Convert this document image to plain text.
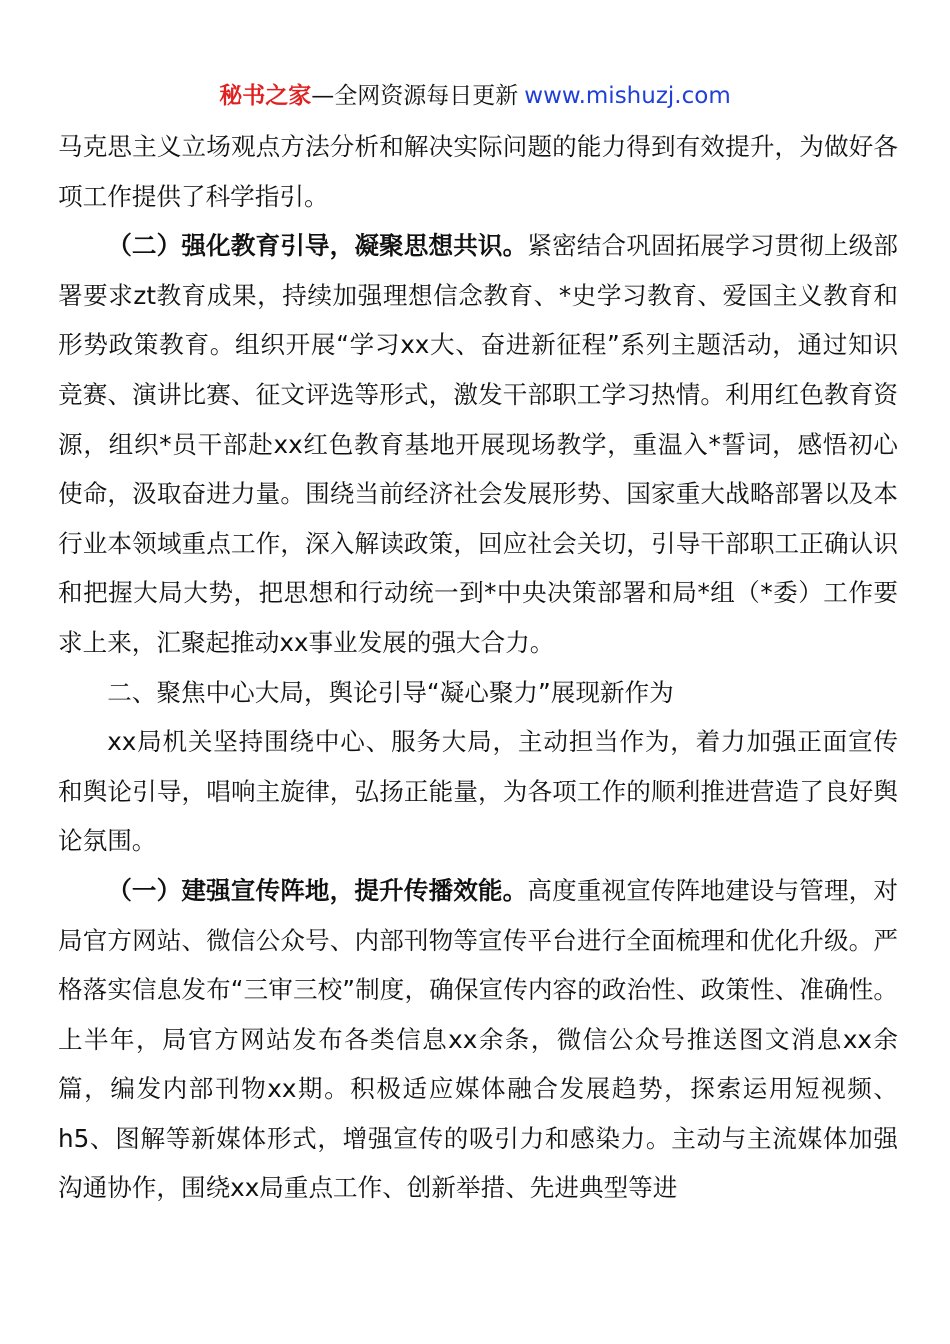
秘书之家—全网资源每日更新 www.mishuzj.com

马克思主义立场观点方法分析和解决实际问题的能力得到有效提升，为做好各项工作提供了科学指引。

（二）强化教育引导，凝聚思想共识。紧密结合巩固拓展学习贯彻上级部署要求zt教育成果，持续加强理想信念教育、*史学习教育、爱国主义教育和形势政策教育。组织开展“学习xx大、奋进新征程”系列主题活动，通过知识竞赛、演讲比赛、征文评选等形式，激发干部职工学习热情。利用红色教育资源，组织*员干部赴xx红色教育基地开展现场教学，重温入*誓词，感悟初心使命，汲取奋进力量。围绕当前经济社会发展形势、国家重大战略部署以及本行业本领域重点工作，深入解读政策，回应社会关切，引导干部职工正确认识和把握大局大势，把思想和行动统一到*中央决策部署和局*组（*委）工作要求上来，汇聚起推动xx事业发展的强大合力。

二、聚焦中心大局，舆论引导“凝心聚力”展现新作为

xx局机关坚持围绕中心、服务大局，主动担当作为，着力加强正面宣传和舆论引导，唱响主旋律，弘扬正能量，为各项工作的顺利推进营造了良好舆论氛围。

（一）建强宣传阵地，提升传播效能。高度重视宣传阵地建设与管理，对局官方网站、微信公众号、内部刊物等宣传平台进行全面梳理和优化升级。严格落实信息发布“三审三校”制度，确保宣传内容的政治性、政策性、准确性。上半年，局官方网站发布各类信息xx余条，微信公众号推送图文消息xx余篇，编发内部刊物xx期。积极适应媒体融合发展趋势，探索运用短视频、h5、图解等新媒体形式，增强宣传的吸引力和感染力。主动与主流媒体加强沟通协作，围绕xx局重点工作、创新举措、先进典型等进
